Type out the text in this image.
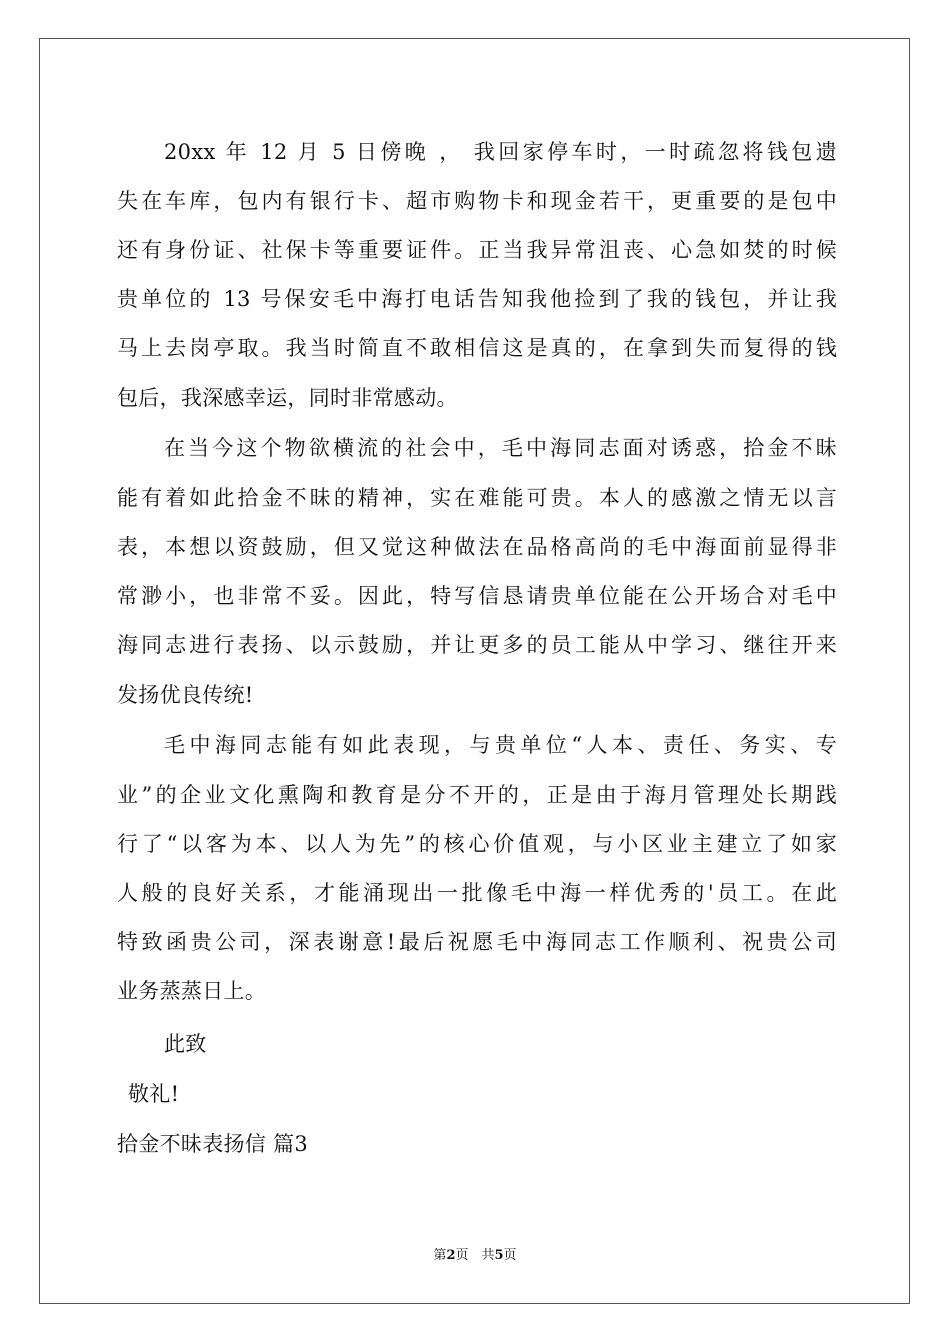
20xx 年 12 月 5 日傍晚 ， 我回家停车时，一时疏忽将钱包遗
失在车库，包内有银行卡、超市购物卡和现金若干，更重要的是包中
还有身份证、社保卡等重要证件。正当我异常沮丧、心急如焚的时候
贵单位的 13 号保安毛中海打电话告知我他捡到了我的钱包，并让我
马上去岗亭取。我当时简直不敢相信这是真的，在拿到失而复得的钱
包后，我深感幸运，同时非常感动。
在当今这个物欲横流的社会中，毛中海同志面对诱惑，拾金不昧
能有着如此拾金不昧的精神，实在难能可贵。本人的感激之情无以言
表，本想以资鼓励，但又觉这种做法在品格高尚的毛中海面前显得非
常渺小，也非常不妥。因此，特写信恳请贵单位能在公开场合对毛中
海同志进行表扬、以示鼓励，并让更多的员工能从中学习、继往开来
发扬优良传统!
毛中海同志能有如此表现，与贵单位“人本、责任、务实、专
业”的企业文化熏陶和教育是分不开的，正是由于海月管理处长期践
行了“以客为本、以人为先”的核心价值观，与小区业主建立了如家
人般的良好关系，才能涌现出一批像毛中海一样优秀的'员工。在此
特致函贵公司，深表谢意!最后祝愿毛中海同志工作顺利、祝贵公司
业务蒸蒸日上。
此致
敬礼!
拾金不昧表扬信 篇3
第2页　共5页
